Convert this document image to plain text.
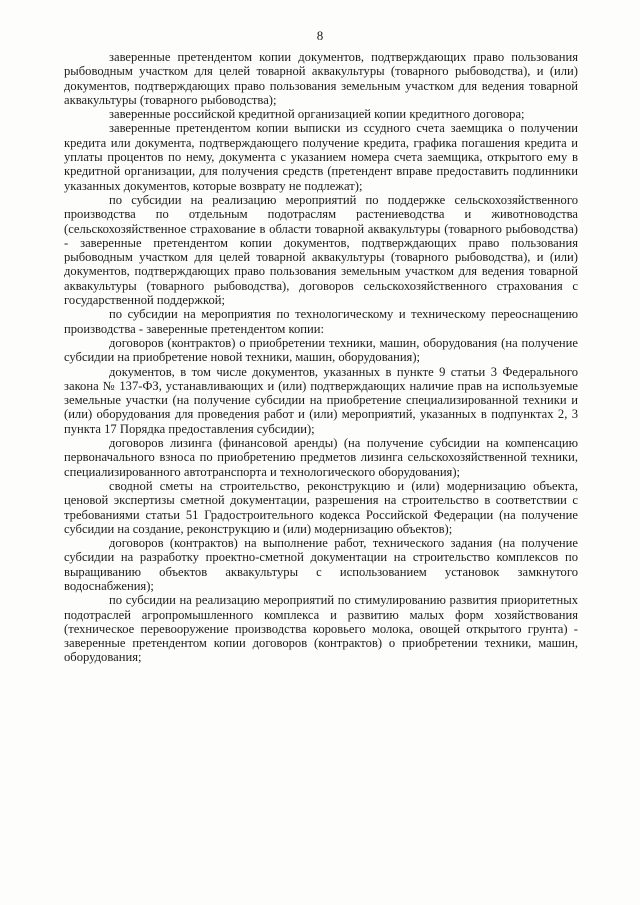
8

заверенные претендентом копии документов, подтверждающих право пользования рыбоводным участком для целей товарной аквакультуры (товарного рыбоводства), и (или) документов, подтверждающих право пользования земельным участком для ведения товарной аквакультуры (товарного рыбоводства);

заверенные российской кредитной организацией копии кредитного договора;

заверенные претендентом копии выписки из ссудного счета заемщика о получении кредита или документа, подтверждающего получение кредита, графика погашения кредита и уплаты процентов по нему, документа с указанием номера счета заемщика, открытого ему в кредитной организации, для получения средств (претендент вправе предоставить подлинники указанных документов, которые возврату не подлежат);

по субсидии на реализацию мероприятий по поддержке сельскохозяйственного производства по отдельным подотраслям растениеводства и животноводства (сельскохозяйственное страхование в области товарной аквакультуры (товарного рыбоводства) - заверенные претендентом копии документов, подтверждающих право пользования рыбоводным участком для целей товарной аквакультуры (товарного рыбоводства), и (или) документов, подтверждающих право пользования земельным участком для ведения товарной аквакультуры (товарного рыбоводства), договоров сельскохозяйственного страхования с государственной поддержкой;

по субсидии на мероприятия по технологическому и техническому переоснащению производства - заверенные претендентом копии:

договоров (контрактов) о приобретении техники, машин, оборудования (на получение субсидии на приобретение новой техники, машин, оборудования);

документов, в том числе документов, указанных в пункте 9 статьи 3 Федерального закона № 137-ФЗ, устанавливающих и (или) подтверждающих наличие прав на используемые земельные участки (на получение субсидии на приобретение специализированной техники и (или) оборудования для проведения работ и (или) мероприятий, указанных в подпунктах 2, 3 пункта 17 Порядка предоставления субсидии);

договоров лизинга (финансовой аренды) (на получение субсидии на компенсацию первоначального взноса по приобретению предметов лизинга сельскохозяйственной техники, специализированного автотранспорта и технологического оборудования);

сводной сметы на строительство, реконструкцию и (или) модернизацию объекта, ценовой экспертизы сметной документации, разрешения на строительство в соответствии с требованиями статьи 51 Градостроительного кодекса Российской Федерации (на получение субсидии на создание, реконструкцию и (или) модернизацию объектов);

договоров (контрактов) на выполнение работ, технического задания (на получение субсидии на разработку проектно-сметной документации на строительство комплексов по выращиванию объектов аквакультуры с использованием установок замкнутого водоснабжения);

по субсидии на реализацию мероприятий по стимулированию развития приоритетных подотраслей агропромышленного комплекса и развитию малых форм хозяйствования (техническое перевооружение производства коровьего молока, овощей открытого грунта) - заверенные претендентом копии договоров (контрактов) о приобретении техники, машин, оборудования;
